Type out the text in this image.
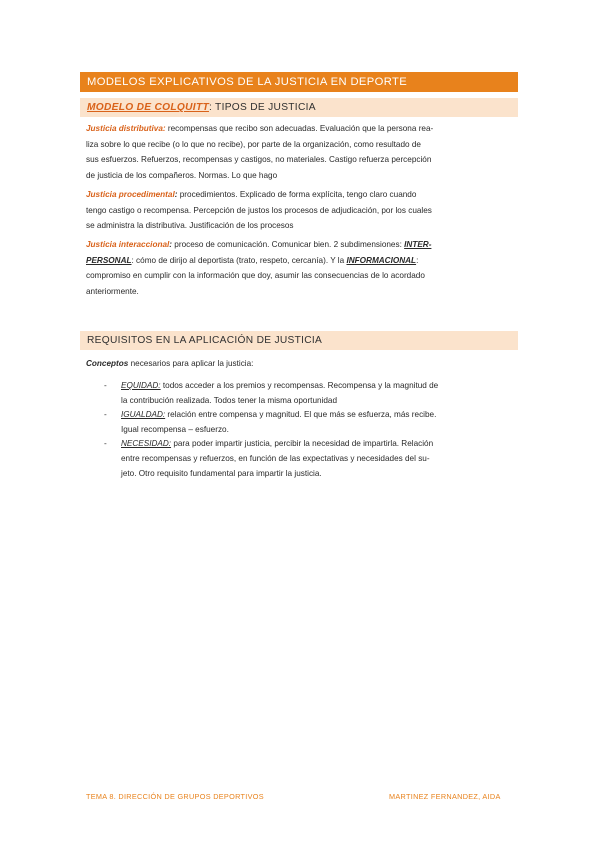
MODELOS EXPLICATIVOS DE LA JUSTICIA EN DEPORTE
MODELO DE COLQUITT: TIPOS DE JUSTICIA
Justicia distributiva: recompensas que recibo son adecuadas. Evaluación que la persona rea-
liza sobre lo que recibe (o lo que no recibe), por parte de la organización, como resultado de
sus esfuerzos. Refuerzos, recompensas y castigos, no materiales. Castigo refuerza percepción
de justicia de los compañeros. Normas. Lo que hago
Justicia procedimental: procedimientos. Explicado de forma explícita, tengo claro cuando
tengo castigo o recompensa. Percepción de justos los procesos de adjudicación, por los cuales
se administra la distributiva. Justificación de los procesos
Justicia interaccional: proceso de comunicación. Comunicar bien. 2 subdimensiones: INTER-
PERSONAL: cómo de dirijo al deportista (trato, respeto, cercanía). Y la INFORMACIONAL:
compromiso en cumplir con la información que doy, asumir las consecuencias de lo acordado
anteriormente.
REQUISITOS EN LA APLICACIÓN DE JUSTICIA
Conceptos necesarios para aplicar la justicia:
- EQUIDAD: todos acceder a los premios y recompensas. Recompensa y la magnitud de
la contribución realizada. Todos tener la misma oportunidad
- IGUALDAD: relación entre compensa y magnitud. El que más se esfuerza, más recibe.
Igual recompensa – esfuerzo.
- NECESIDAD: para poder impartir justicia, percibir la necesidad de impartirla. Relación
entre recompensas y refuerzos, en función de las expectativas y necesidades del su-
jeto. Otro requisito fundamental para impartir la justicia.
TEMA 8. DIRECCIÓN DE GRUPOS DEPORTIVOS	MARTINEZ FERNANDEZ, AIDA
